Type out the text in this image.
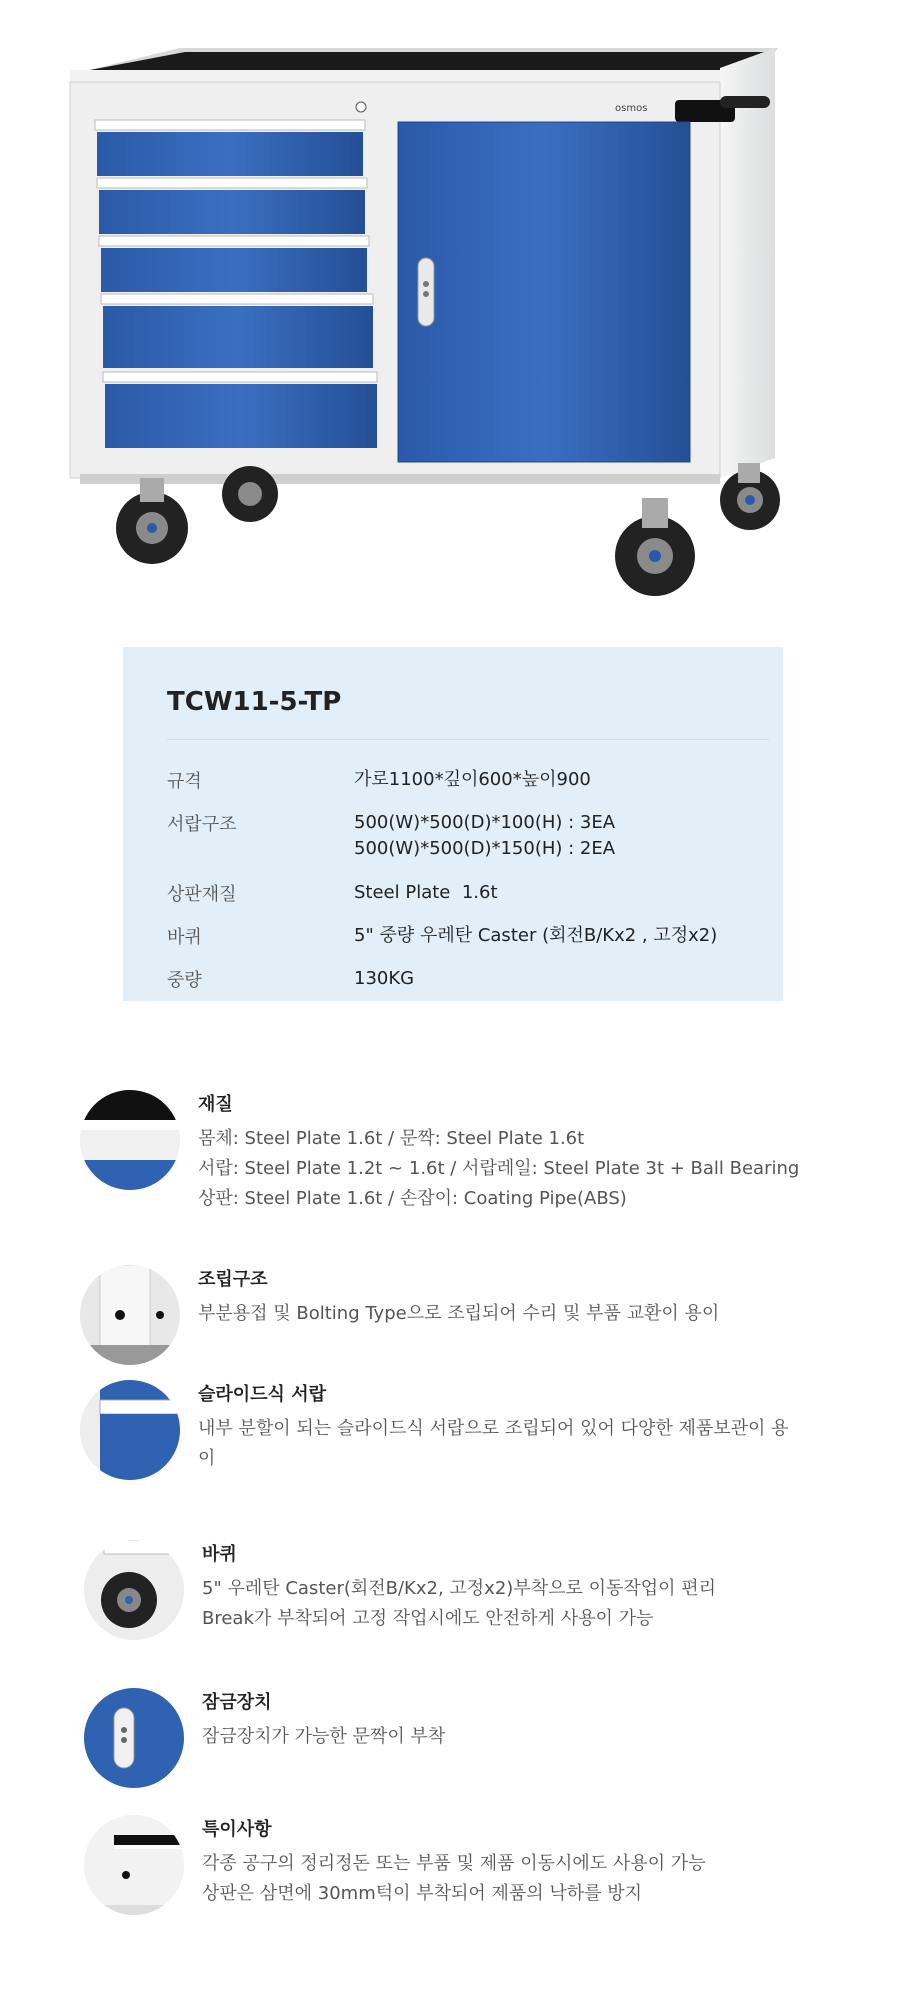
osmos
TCW11-5-TP
규격	가로1100*깊이600*높이900
서랍구조	500(W)*500(D)*100(H) : 3EA
500(W)*500(D)*150(H) : 2EA
상판재질	Steel Plate  1.6t
바퀴	5" 중량 우레탄 Caster (회전B/Kx2 , 고정x2)
중량	130KG
재질
몸체: Steel Plate 1.6t / 문짝: Steel Plate 1.6t
서랍: Steel Plate 1.2t ~ 1.6t / 서랍레일: Steel Plate 3t + Ball Bearing
상판: Steel Plate 1.6t / 손잡이: Coating Pipe(ABS)
조립구조
부분용접 및 Bolting Type으로 조립되어 수리 및 부품 교환이 용이
슬라이드식 서랍
내부 분할이 되는 슬라이드식 서랍으로 조립되어 있어 다양한 제품보관이 용
이
바퀴
5" 우레탄 Caster(회전B/Kx2, 고정x2)부착으로 이동작업이 편리
Break가 부착되어 고정 작업시에도 안전하게 사용이 가능
잠금장치
잠금장치가 가능한 문짝이 부착
특이사항
각종 공구의 정리정돈 또는 부품 및 제품 이동시에도 사용이 가능
상판은 삼면에 30mm턱이 부착되어 제품의 낙하를 방지
